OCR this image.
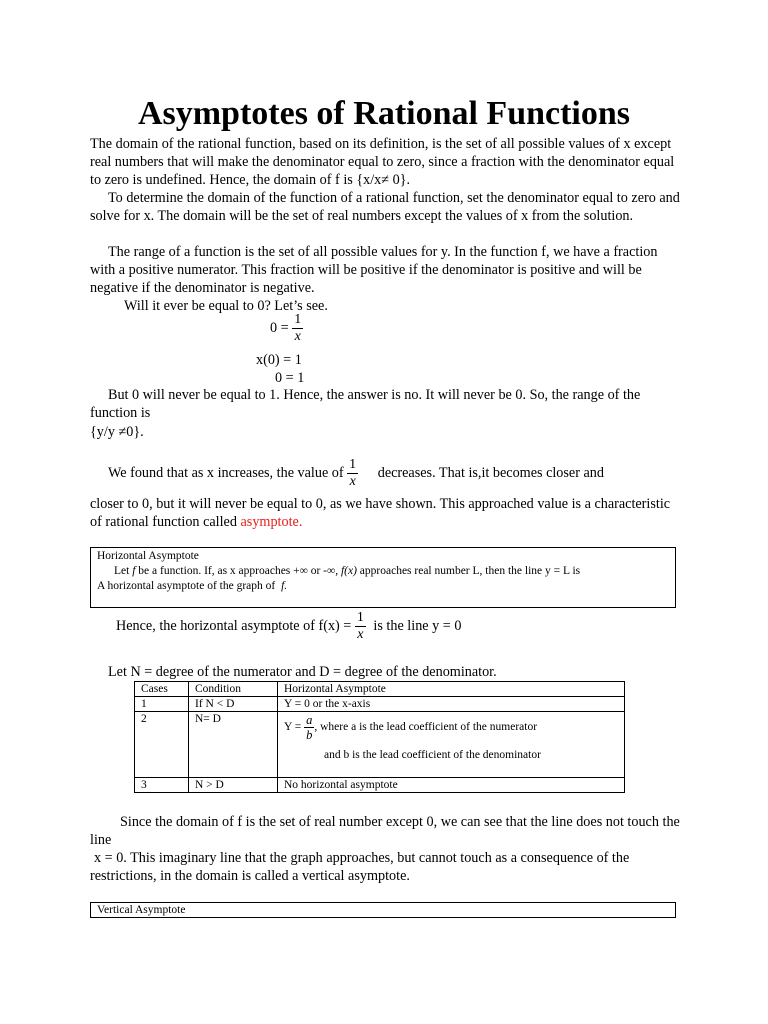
Asymptotes of Rational Functions

The domain of the rational function, based on its definition, is the set of all possible values of x except real numbers that will make the denominator equal to zero, since a fraction with the denominator equal to zero is undefined. Hence, the domain of f is {x/x≠ 0}.

To determine the domain of the function of a rational function, set the denominator equal to zero and solve for x. The domain will be the set of real numbers except the values of x from the solution.

The range of a function is the set of all possible values for y. In the function f, we have a fraction with a positive numerator. This fraction will be positive if the denominator is positive and will be negative if the denominator is negative.

Will it ever be equal to 0? Let’s see.

$0 = \frac{1}{x}$
x(0) = 1
0 = 1

But 0 will never be equal to 1. Hence, the answer is no. It will never be 0. So, the range of the function is

{y/y ≠0}.

We found that as x increases, the value of $\frac{1}{x}$ decreases. That is,it becomes closer and

closer to 0, but it will never be equal to 0, as we have shown. This approached value is a characteristic of rational function called asymptote.

Horizontal Asymptote
Let f be a function. If, as x approaches +∞ or -∞, f(x) approaches real number L, then the line y = L is
A horizontal asymptote of the graph of f.
Hence, the horizontal asymptote of $f(x) = \frac{1}{x}$ is the line y = 0
Let N = degree of the numerator and D = degree of the denominator.
Cases	Condition	Horizontal Asymptote
1	If N < D	Y = 0 or the x-axis
2	N= D	$Y = \frac{a}{b}$ , where a is the lead coefficient of the numerator
and b is the lead coefficient of the denominator

3	N > D	No horizontal asymptote

Since the domain of f is the set of real number except 0, we can see that the line does not touch the line

x = 0. This imaginary line that the graph approaches, but cannot touch as a consequence of the restrictions, in the domain is called a vertical asymptote.

Vertical Asymptote
